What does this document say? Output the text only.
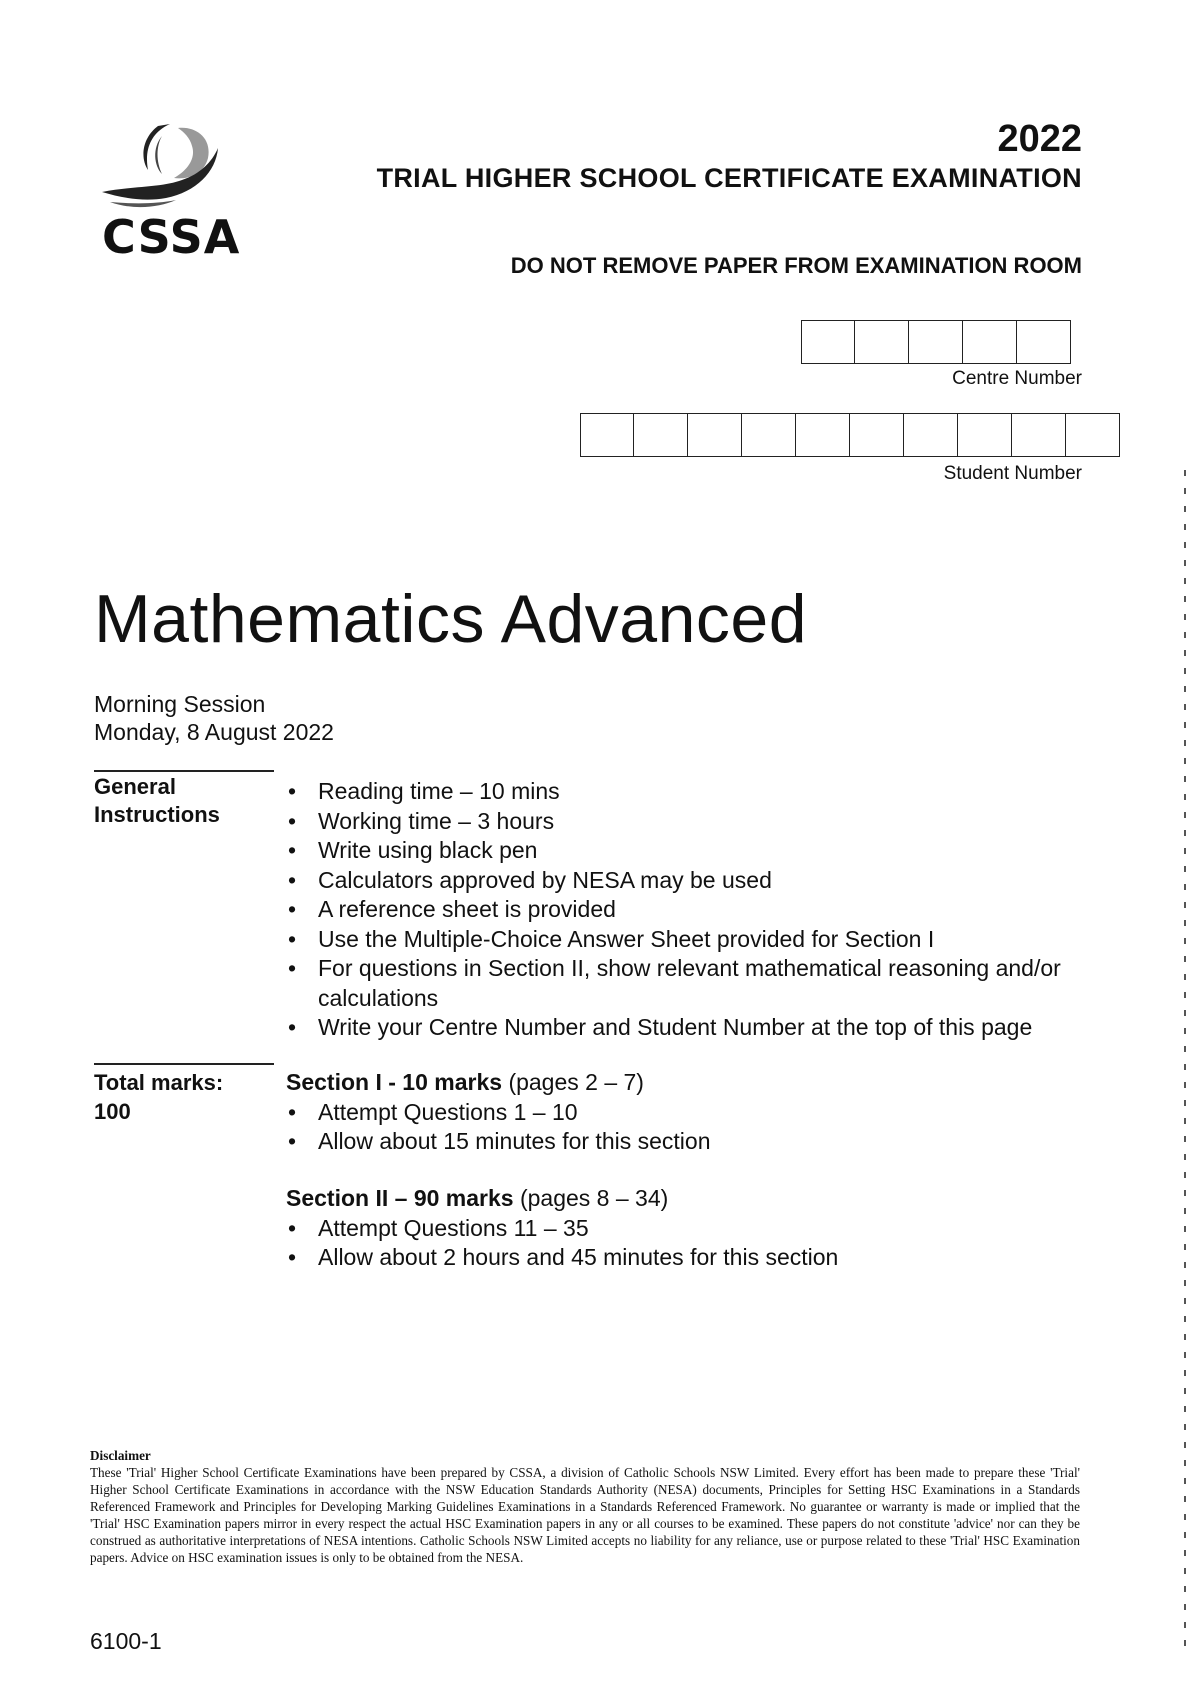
CSSA
2022
TRIAL HIGHER SCHOOL CERTIFICATE EXAMINATION
DO NOT REMOVE PAPER FROM EXAMINATION ROOM
Centre Number
Student Number
Mathematics Advanced
Morning Session
Monday, 8 August 2022
General
Instructions
• Reading time – 10 mins
• Working time – 3 hours
• Write using black pen
• Calculators approved by NESA may be used
• A reference sheet is provided
• Use the Multiple-Choice Answer Sheet provided for Section I
• For questions in Section II, show relevant mathematical reasoning and/or calculations
• Write your Centre Number and Student Number at the top of this page
Total marks:
100
Section I - 10 marks (pages 2 – 7)
• Attempt Questions 1 – 10
• Allow about 15 minutes for this section
Section II – 90 marks (pages 8 – 34)
• Attempt Questions 11 – 35
• Allow about 2 hours and 45 minutes for this section
Disclaimer
These 'Trial' Higher School Certificate Examinations have been prepared by CSSA, a division of Catholic Schools NSW Limited. Every effort has been made to prepare these 'Trial' Higher School Certificate Examinations in accordance with the NSW Education Standards Authority (NESA) documents, Principles for Setting HSC Examinations in a Standards Referenced Framework and Principles for Developing Marking Guidelines Examinations in a Standards Referenced Framework. No guarantee or warranty is made or implied that the 'Trial' HSC Examination papers mirror in every respect the actual HSC Examination papers in any or all courses to be examined. These papers do not constitute 'advice' nor can they be construed as authoritative interpretations of NESA intentions. Catholic Schools NSW Limited accepts no liability for any reliance, use or purpose related to these 'Trial' HSC Examination papers. Advice on HSC examination issues is only to be obtained from the NESA.
6100-1
